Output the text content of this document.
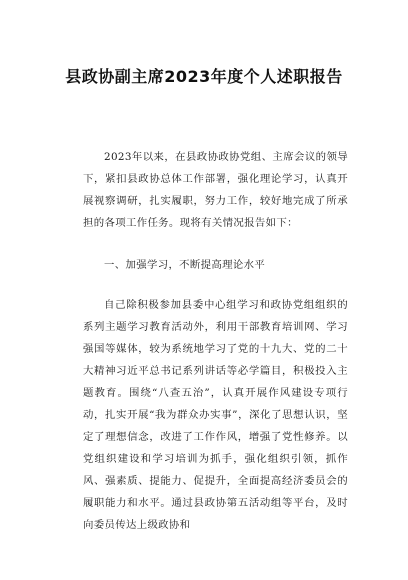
县政协副主席2023年度个人述职报告

2023年以来，在县政协政协党组、主席会议的领导下，紧扣县政协总体工作部署，强化理论学习，认真开展视察调研，扎实履职，努力工作，较好地完成了所承担的各项工作任务。现将有关情况报告如下：

一、加强学习，不断提高理论水平

自己除积极参加县委中心组学习和政协党组组织的系列主题学习教育活动外，利用干部教育培训网、学习强国等媒体，较为系统地学习了党的十九大、党的二十大精神习近平总书记系列讲话等必学篇目，积极投入主题教育。围绕“八查五治”，认真开展作风建设专项行动，扎实开展“我为群众办实事”，深化了思想认识，坚定了理想信念，改进了工作作风，增强了党性修养。以党组织建设和学习培训为抓手，强化组织引领，抓作风、强素质、提能力、促提升，全面提高经济委员会的履职能力和水平。通过县政协第五活动组等平台，及时向委员传达上级政协和
